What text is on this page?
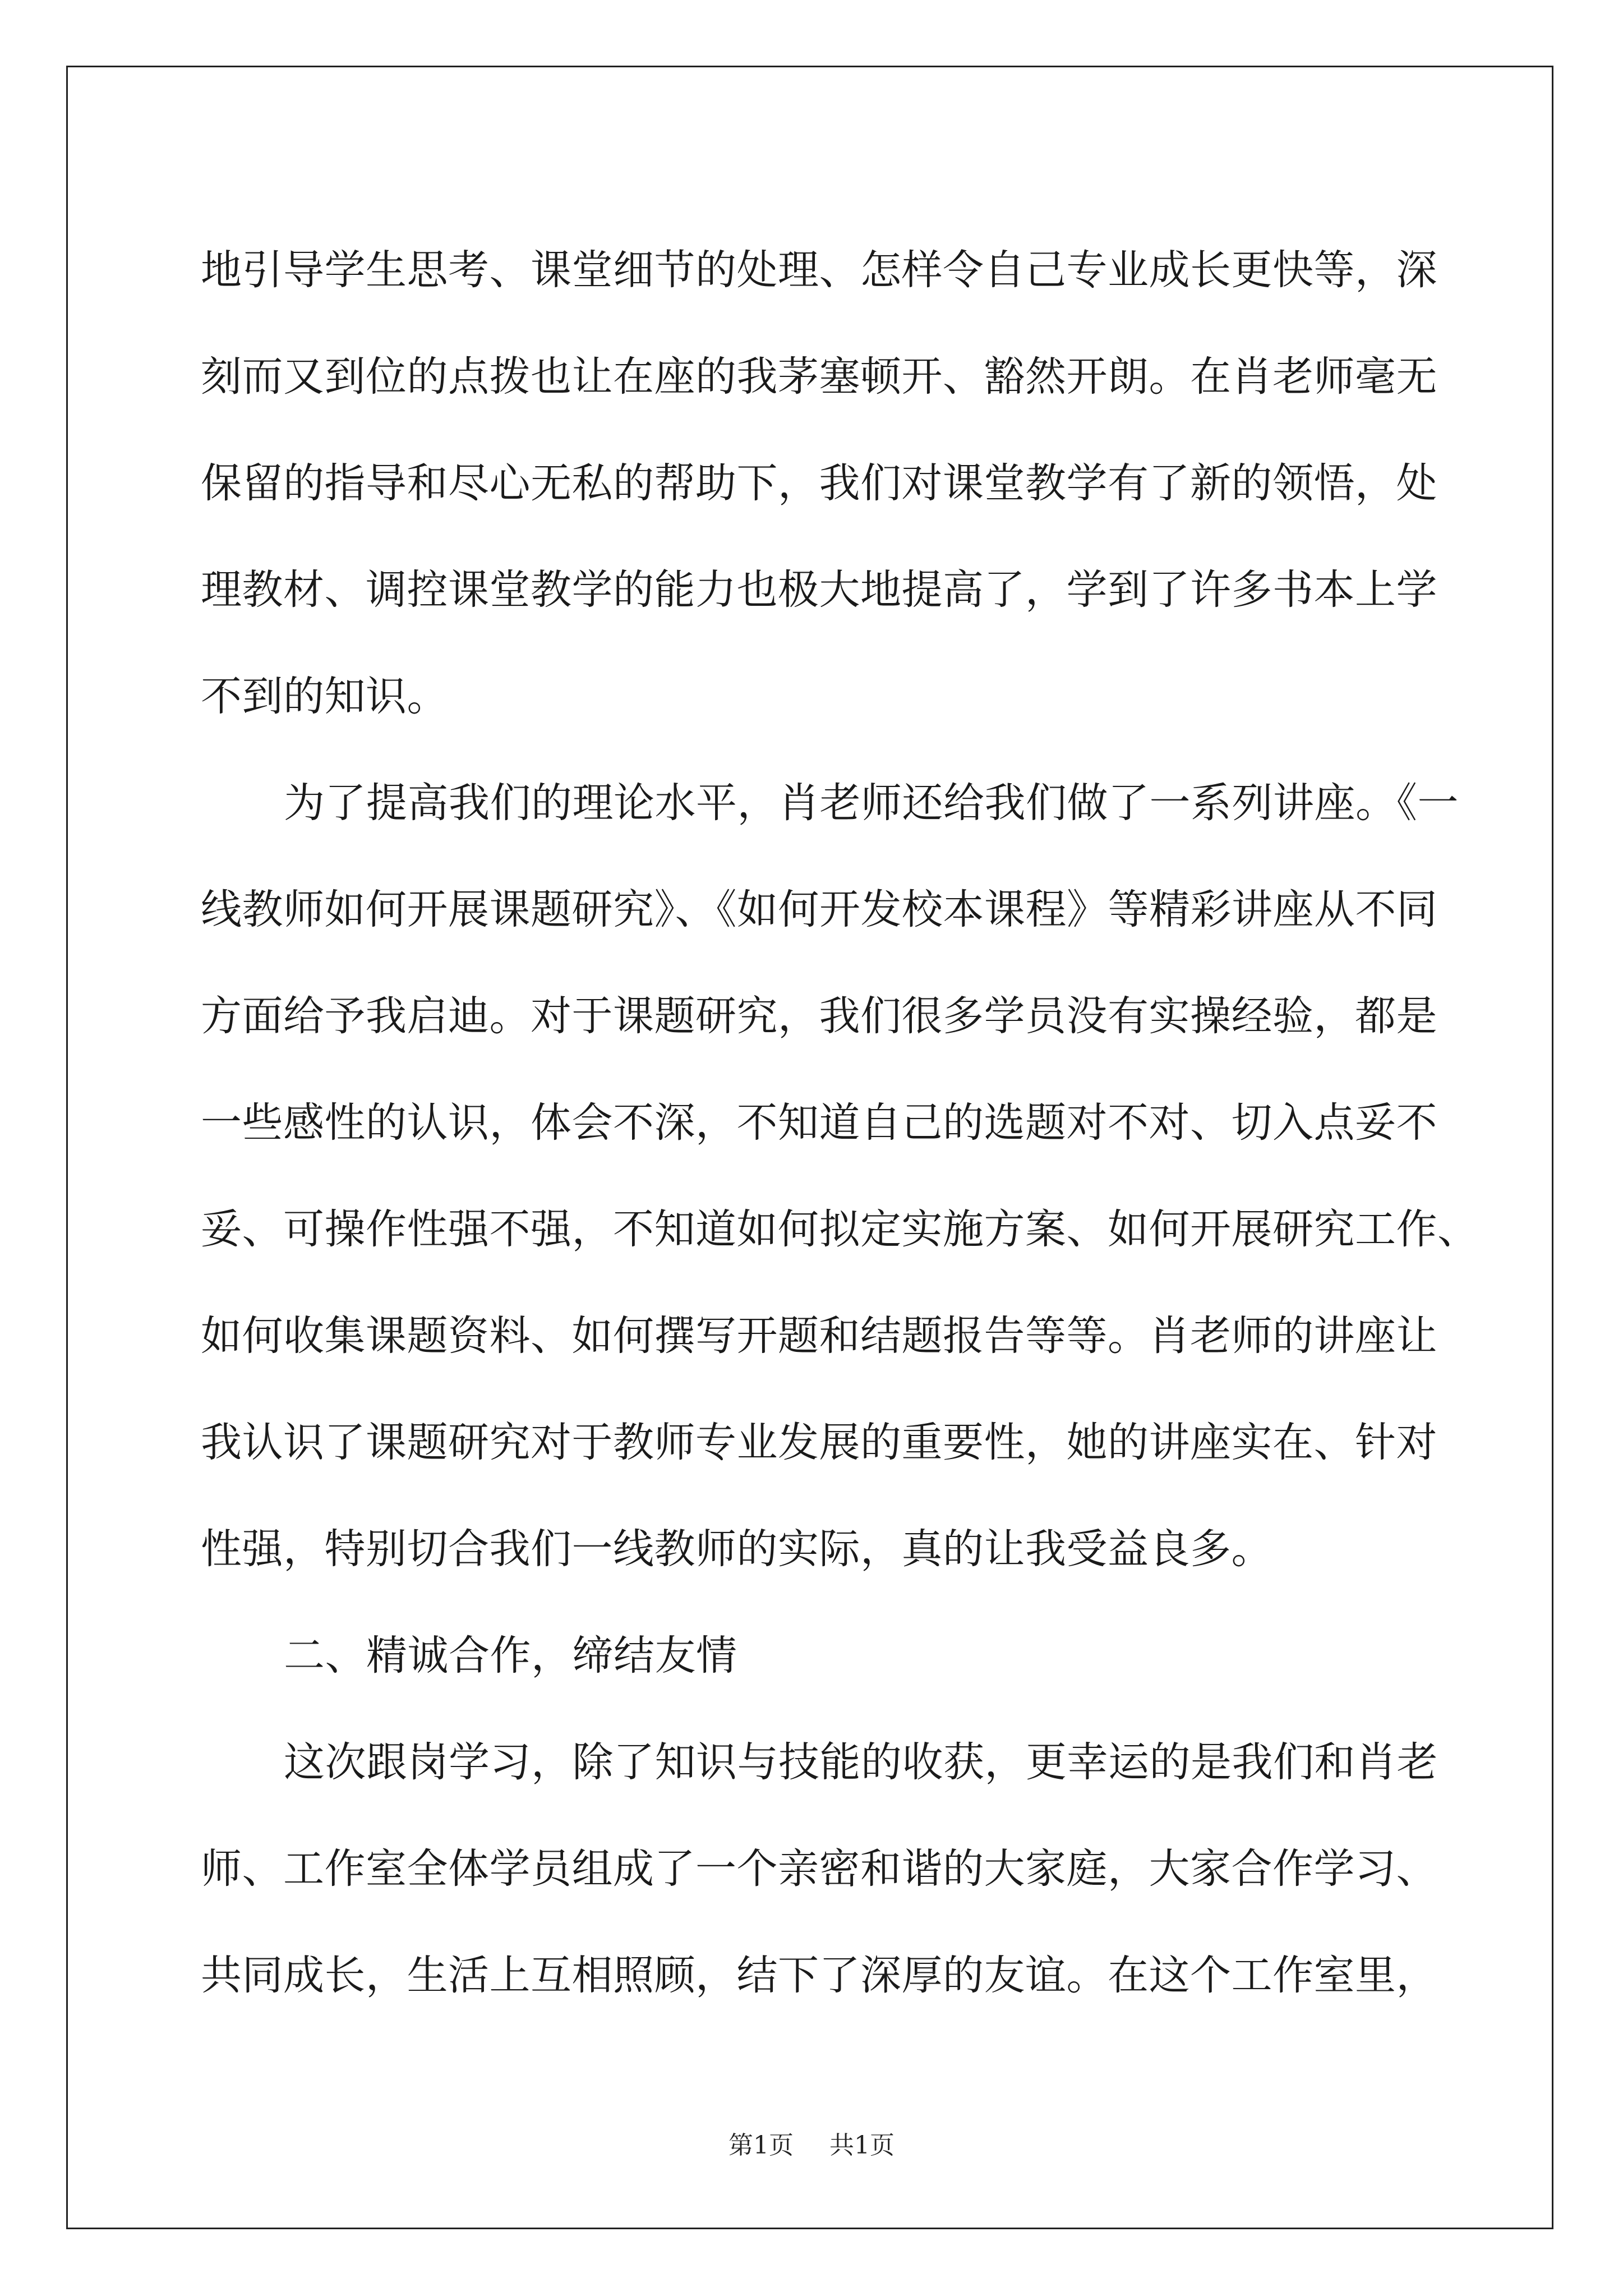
地引导学生思考、课堂细节的处理、怎样令自己专业成长更快等，深
刻而又到位的点拨也让在座的我茅塞顿开、豁然开朗。在肖老师毫无
保留的指导和尽心无私的帮助下，我们对课堂教学有了新的领悟，处
理教材、调控课堂教学的能力也极大地提高了，学到了许多书本上学
不到的知识。
为了提高我们的理论水平，肖老师还给我们做了一系列讲座。《一
线教师如何开展课题研究》、《如何开发校本课程》等精彩讲座从不同
方面给予我启迪。对于课题研究，我们很多学员没有实操经验，都是
一些感性的认识，体会不深，不知道自己的选题对不对、切入点妥不
妥、可操作性强不强，不知道如何拟定实施方案、如何开展研究工作、
如何收集课题资料、如何撰写开题和结题报告等等。肖老师的讲座让
我认识了课题研究对于教师专业发展的重要性，她的讲座实在、针对
性强，特别切合我们一线教师的实际，真的让我受益良多。
二、精诚合作，缔结友情
这次跟岗学习，除了知识与技能的收获，更幸运的是我们和肖老
师、工作室全体学员组成了一个亲密和谐的大家庭，大家合作学习、
共同成长，生活上互相照顾，结下了深厚的友谊。在这个工作室里，
第1页 共1页
